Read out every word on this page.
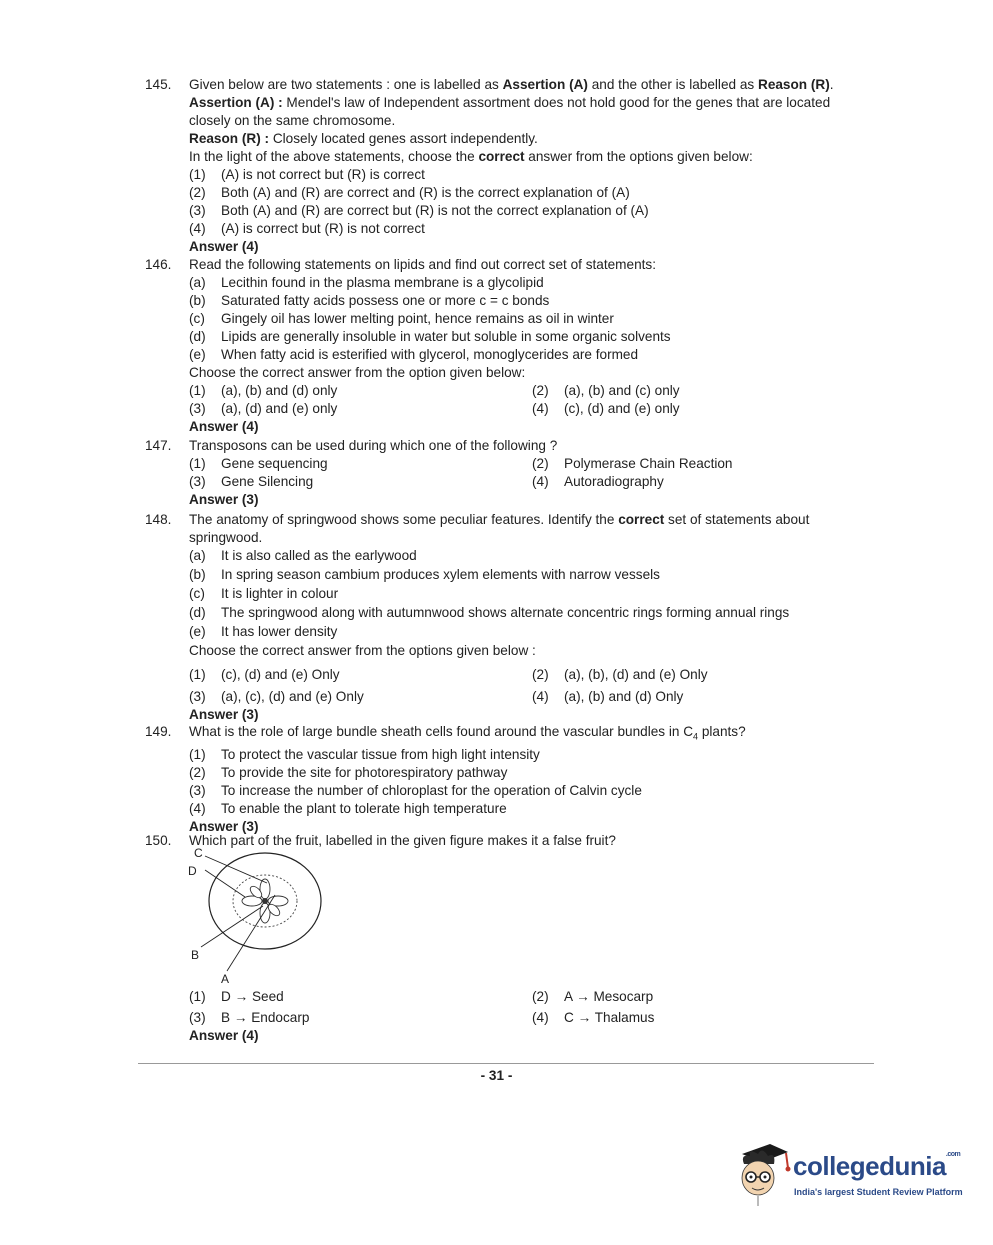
145. Given below are two statements : one is labelled as Assertion (A) and the other is labelled as Reason (R).
Assertion (A) : Mendel's law of Independent assortment does not hold good for the genes that are located closely on the same chromosome.
Reason (R) : Closely located genes assort independently.
In the light of the above statements, choose the correct answer from the options given below:
(1)	(A) is not correct but (R) is correct
(2)	Both (A) and (R) are correct and (R) is the correct explanation of (A)
(3)	Both (A) and (R) are correct but (R) is not the correct explanation of (A)
(4)	(A) is correct but (R) is not correct
Answer (4)
146. Read the following statements on lipids and find out correct set of statements:
(a)	Lecithin found in the plasma membrane is a glycolipid
(b)	Saturated fatty acids possess one or more c = c bonds
(c)	Gingely oil has lower melting point, hence remains as oil in winter
(d)	Lipids are generally insoluble in water but soluble in some organic solvents
(e)	When fatty acid is esterified with glycerol, monoglycerides are formed
Choose the correct answer from the option given below:
(1) (a), (b) and (d) only	(2) (a), (b) and (c) only
(3) (a), (d) and (e) only	(4) (c), (d) and (e) only
Answer (4)
147. Transposons can be used during which one of the following ?
(1) Gene sequencing	(2) Polymerase Chain Reaction
(3) Gene Silencing	(4) Autoradiography
Answer (3)
148. The anatomy of springwood shows some peculiar features. Identify the correct set of statements about
springwood.
(a)	It is also called as the earlywood
(b)	In spring season cambium produces xylem elements with narrow vessels
(c)	It is lighter in colour
(d)	The springwood along with autumnwood shows alternate concentric rings forming annual rings
(e)	It has lower density
Choose the correct answer from the options given below :
(1) (c), (d) and (e) Only	(2) (a), (b), (d) and (e) Only
(3) (a), (c), (d) and (e) Only	(4) (a), (b) and (d) Only
Answer (3)
149. What is the role of large bundle sheath cells found around the vascular bundles in $C_4$ plants?
(1)	To protect the vascular tissue from high light intensity
(2)	To provide the site for photorespiratory pathway
(3)	To increase the number of chloroplast for the operation of Calvin cycle
(4)	To enable the plant to tolerate high temperature
Answer (3)
150. Which part of the fruit, labelled in the given figure makes it a false fruit?
C
D
B
A
(1) D → Seed	(2) A → Mesocarp
(3) B → Endocarp	(4) C → Thalamus
Answer (4)
- 31 -
collegedunia$^{.com}$
India's largest Student Review Platform
